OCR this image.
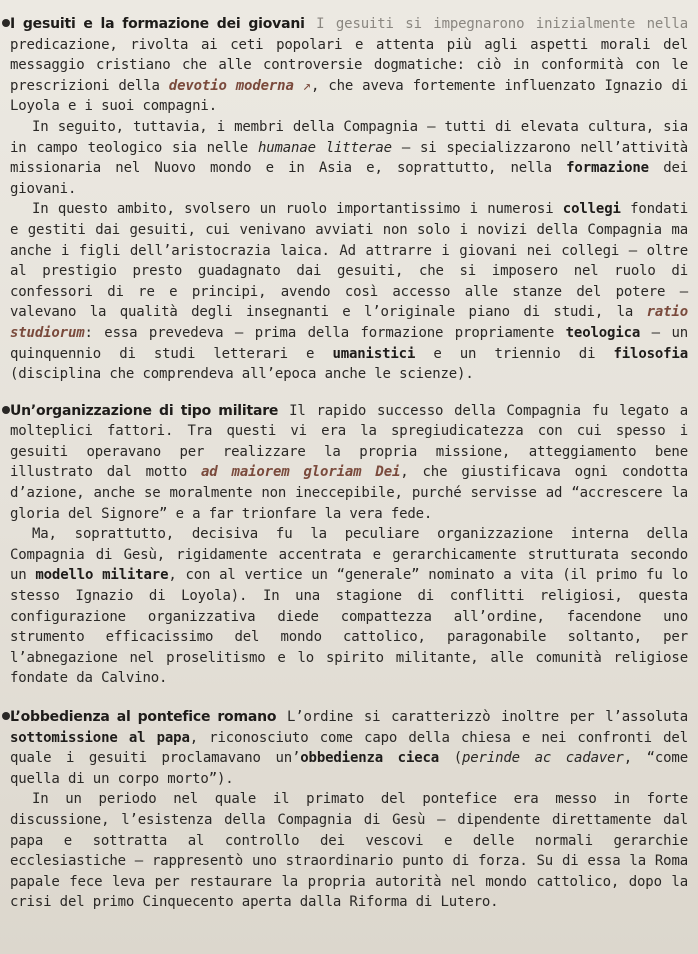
I gesuiti e la formazione dei giovani I gesuiti si impegnarono inizialmente nella predicazione, rivolta ai ceti popolari e attenta più agli aspetti morali del messaggio cristiano che alle controversie dogmatiche: ciò in conformità con le prescrizioni della devotio moderna ↗, che aveva fortemente influenzato Ignazio di Loyola e i suoi compagni.

In seguito, tuttavia, i membri della Compagnia – tutti di elevata cultura, sia in campo teologico sia nelle humanae litterae – si specializzarono nell’attività missionaria nel Nuovo mondo e in Asia e, soprattutto, nella formazione dei giovani.

In questo ambito, svolsero un ruolo importantissimo i numerosi collegi fondati e gestiti dai gesuiti, cui venivano avviati non solo i novizi della Compagnia ma anche i figli dell’aristocrazia laica. Ad attrarre i giovani nei collegi – oltre al prestigio presto guadagnato dai gesuiti, che si imposero nel ruolo di confessori di re e principi, avendo così accesso alle stanze del potere – valevano la qualità degli insegnanti e l’originale piano di studi, la ratio studiorum: essa prevedeva – prima della formazione propriamente teologica – un quinquennio di studi letterari e umanistici e un triennio di filosofia (disciplina che comprendeva all’epoca anche le scienze).

Un’organizzazione di tipo militare Il rapido successo della Compagnia fu legato a molteplici fattori. Tra questi vi era la spregiudicatezza con cui spesso i gesuiti operavano per realizzare la propria missione, atteggiamento bene illustrato dal motto ad maiorem gloriam Dei, che giustificava ogni condotta d’azione, anche se moralmente non ineccepibile, purché servisse ad “accrescere la gloria del Signore” e a far trionfare la vera fede.

Ma, soprattutto, decisiva fu la peculiare organizzazione interna della Compagnia di Gesù, rigidamente accentrata e gerarchicamente strutturata secondo un modello militare, con al vertice un “generale” nominato a vita (il primo fu lo stesso Ignazio di Loyola). In una stagione di conflitti religiosi, questa configurazione organizzativa diede compattezza all’ordine, facendone uno strumento efficacissimo del mondo cattolico, paragonabile soltanto, per l’abnegazione nel proselitismo e lo spirito militante, alle comunità religiose fondate da Calvino.

L’obbedienza al pontefice romano L’ordine si caratterizzò inoltre per l’assoluta sottomissione al papa, riconosciuto come capo della chiesa e nei confronti del quale i gesuiti proclamavano un’obbedienza cieca (perinde ac cadaver, “come quella di un corpo morto”).

In un periodo nel quale il primato del pontefice era messo in forte discussione, l’esistenza della Compagnia di Gesù – dipendente direttamente dal papa e sottratta al controllo dei vescovi e delle normali gerarchie ecclesiastiche – rappresentò uno straordinario punto di forza. Su di essa la Roma papale fece leva per restaurare la propria autorità nel mondo cattolico, dopo la crisi del primo Cinquecento aperta dalla Riforma di Lutero.
